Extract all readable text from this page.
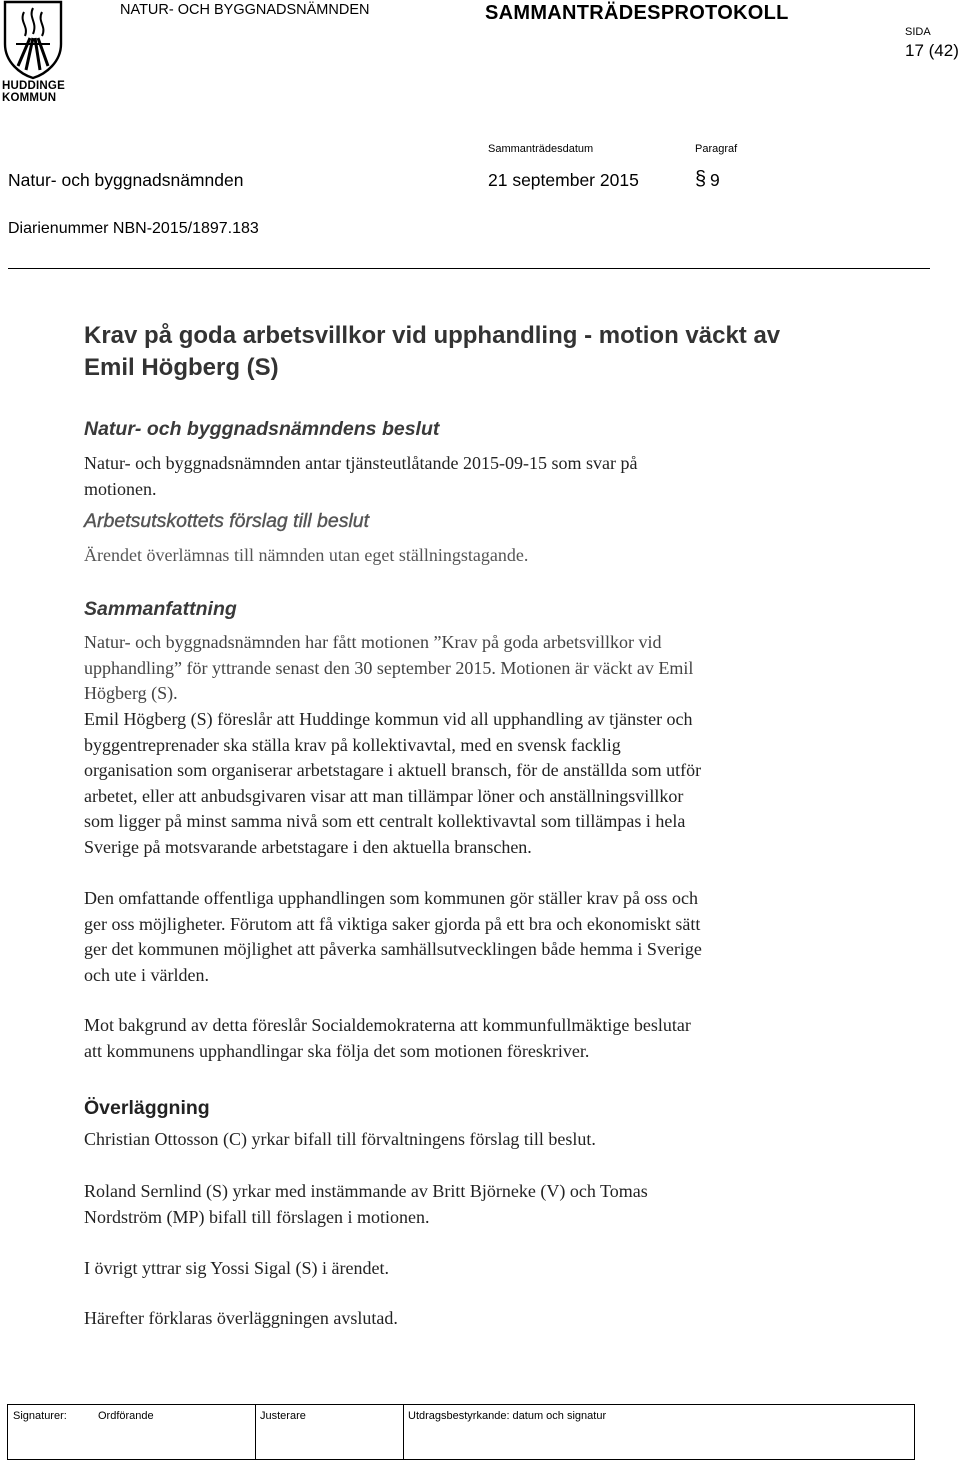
HUDDINGE
KOMMUN
NATUR- OCH BYGGNADSNÄMNDEN	SAMMANTRÄDESPROTOKOLL
SIDA
17 (42)
Sammanträdesdatum	Paragraf
Natur- och byggnadsnämnden	21 september 2015	§ 9
Diarienummer NBN-2015/1897.183
Krav på goda arbetsvillkor vid upphandling - motion väckt av
Emil Högberg (S)
Natur- och byggnadsnämndens beslut
Natur- och byggnadsnämnden antar tjänsteutlåtande 2015-09-15 som svar på
motionen.
Arbetsutskottets förslag till beslut
Ärendet överlämnas till nämnden utan eget ställningstagande.
Sammanfattning
Natur- och byggnadsnämnden har fått motionen ”Krav på goda arbetsvillkor vid
upphandling” för yttrande senast den 30 september 2015. Motionen är väckt av Emil
Högberg (S).
Emil Högberg (S) föreslår att Huddinge kommun vid all upphandling av tjänster och
byggentreprenader ska ställa krav på kollektivavtal, med en svensk facklig
organisation som organiserar arbetstagare i aktuell bransch, för de anställda som utför
arbetet, eller att anbudsgivaren visar att man tillämpar löner och anställningsvillkor
som ligger på minst samma nivå som ett centralt kollektivavtal som tillämpas i hela
Sverige på motsvarande arbetstagare i den aktuella branschen.
Den omfattande offentliga upphandlingen som kommunen gör ställer krav på oss och
ger oss möjligheter. Förutom att få viktiga saker gjorda på ett bra och ekonomiskt sätt
ger det kommunen möjlighet att påverka samhällsutvecklingen både hemma i Sverige
och ute i världen.
Mot bakgrund av detta föreslår Socialdemokraterna att kommunfullmäktige beslutar
att kommunens upphandlingar ska följa det som motionen föreskriver.
Överläggning
Christian Ottosson (C) yrkar bifall till förvaltningens förslag till beslut.
Roland Sernlind (S) yrkar med instämmande av Britt Björneke (V) och Tomas
Nordström (MP) bifall till förslagen i motionen.
I övrigt yttrar sig Yossi Sigal (S) i ärendet.
Härefter förklaras överläggningen avslutad.
Signaturer:	Ordförande	Justerare	Utdragsbestyrkande: datum och signatur
